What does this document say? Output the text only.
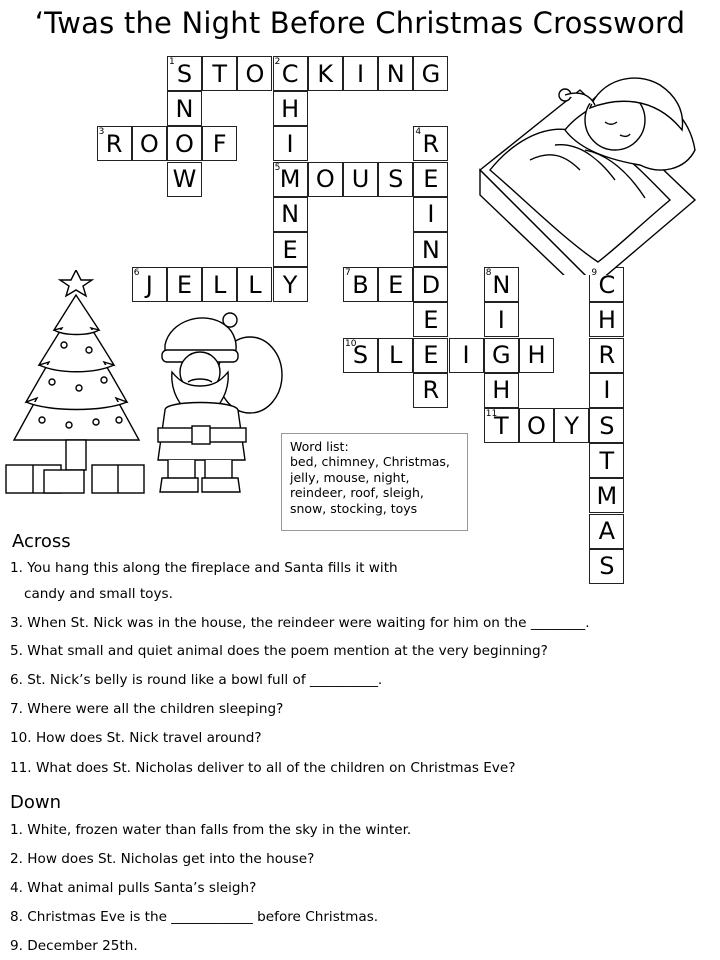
‘Twas the Night Before Christmas Crossword
S T O C K I N G
R O O F
M O U S E
J	E L L Y	B E D
S L E	I G H
T O Y S
N
W
H
I
N
E
R
I
N
E
R
N
I
H
C
H
R
I
T
M
A
S
1	2
3	4
5
6	7	8	9
10
11
Word list:
bed, chimney, Christmas,
jelly, mouse, night,
reindeer, roof, sleigh,
snow, stocking, toys
Across
1. You hang this along the fireplace and Santa fills it with
candy and small toys.
3. When St. Nick was in the house, the reindeer were waiting for him on the ________.
5. What small and quiet animal does the poem mention at the very beginning?
6. St. Nick’s belly is round like a bowl full of __________.
7. Where were all the children sleeping?
10. How does St. Nick travel around?
11. What does St. Nicholas deliver to all of the children on Christmas Eve?
Down
1. White, frozen water than falls from the sky in the winter.
2. How does St. Nicholas get into the house?
4. What animal pulls Santa’s sleigh?
8. Christmas Eve is the ____________ before Christmas.
9. December 25th.
